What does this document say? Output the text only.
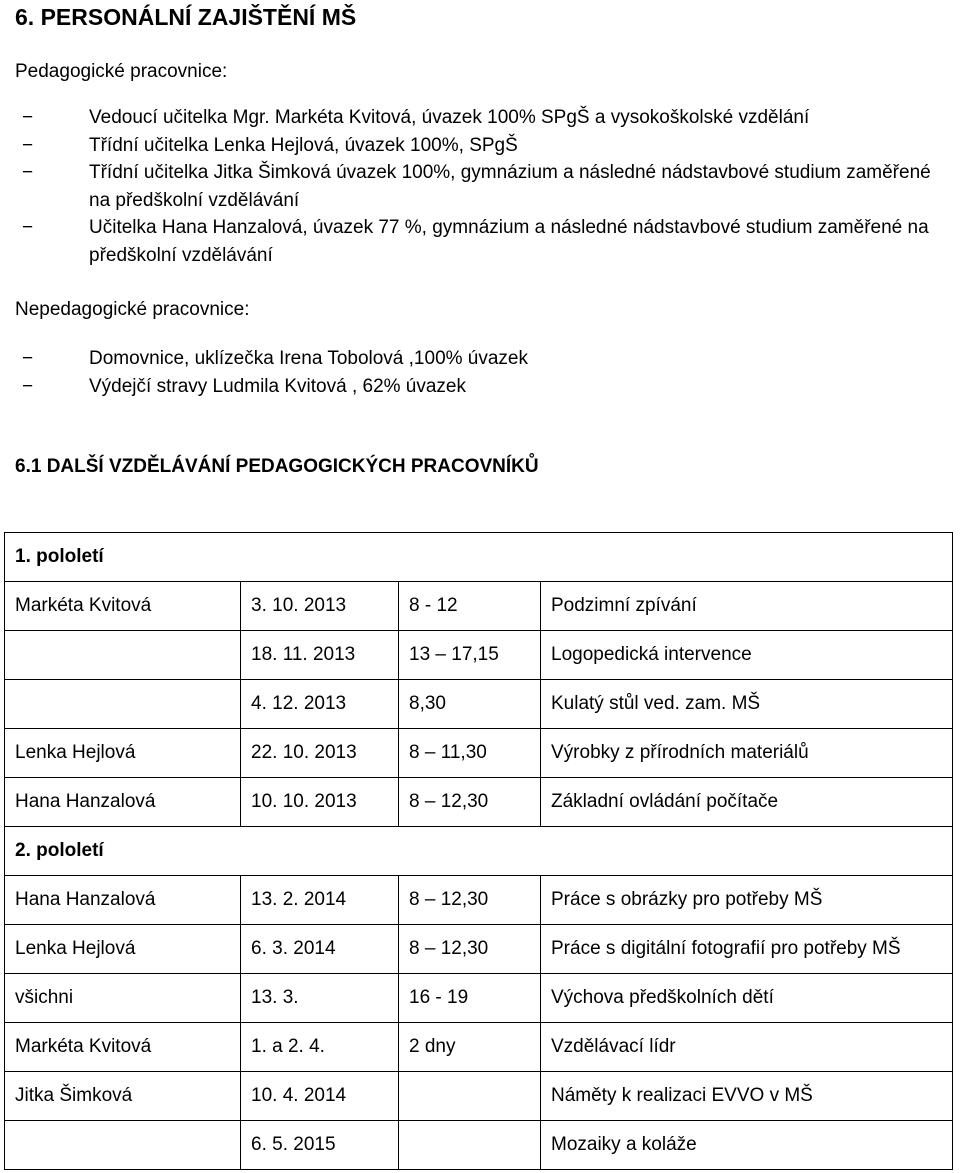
6. PERSONÁLNÍ ZAJIŠTĚNÍ MŠ
Pedagogické pracovnice:
− Vedoucí učitelka Mgr. Markéta Kvitová, úvazek 100% SPgŠ a vysokoškolské vzdělání
− Třídní učitelka Lenka Hejlová, úvazek 100%, SPgŠ
− Třídní učitelka Jitka Šimková úvazek 100%, gymnázium a následné nádstavbové studium zaměřené na předškolní vzdělávání
− Učitelka Hana Hanzalová, úvazek 77 %, gymnázium a následné nádstavbové studium zaměřené na předškolní vzdělávání
Nepedagogické pracovnice:
− Domovnice, uklízečka Irena Tobolová ,100% úvazek
− Výdejčí stravy Ludmila Kvitová , 62% úvazek
6.1 DALŠÍ VZDĚLÁVÁNÍ PEDAGOGICKÝCH PRACOVNÍKŮ
1. pololetí			
Markéta Kvitová	3. 10. 2013	8 - 12	Podzimní zpívání
	18. 11. 2013	13 – 17,15	Logopedická intervence
	4. 12. 2013	8,30	Kulatý stůl ved. zam. MŠ
Lenka Hejlová	22. 10. 2013	8 – 11,30	Výrobky z přírodních materiálů
Hana Hanzalová	10. 10. 2013	8 – 12,30	Základní ovládání počítače
2. pololetí			
Hana Hanzalová	13. 2. 2014	8 – 12,30	Práce s obrázky pro potřeby MŠ
Lenka Hejlová	6. 3. 2014	8 – 12,30	Práce s digitální fotografií pro potřeby MŠ
všichni	13. 3.	16 - 19	Výchova předškolních dětí
Markéta Kvitová	1. a 2. 4.	2 dny	Vzdělávací lídr
Jitka Šimková	10. 4. 2014		Náměty k realizaci EVVO v MŠ
	6. 5. 2015		Mozaiky a koláže
